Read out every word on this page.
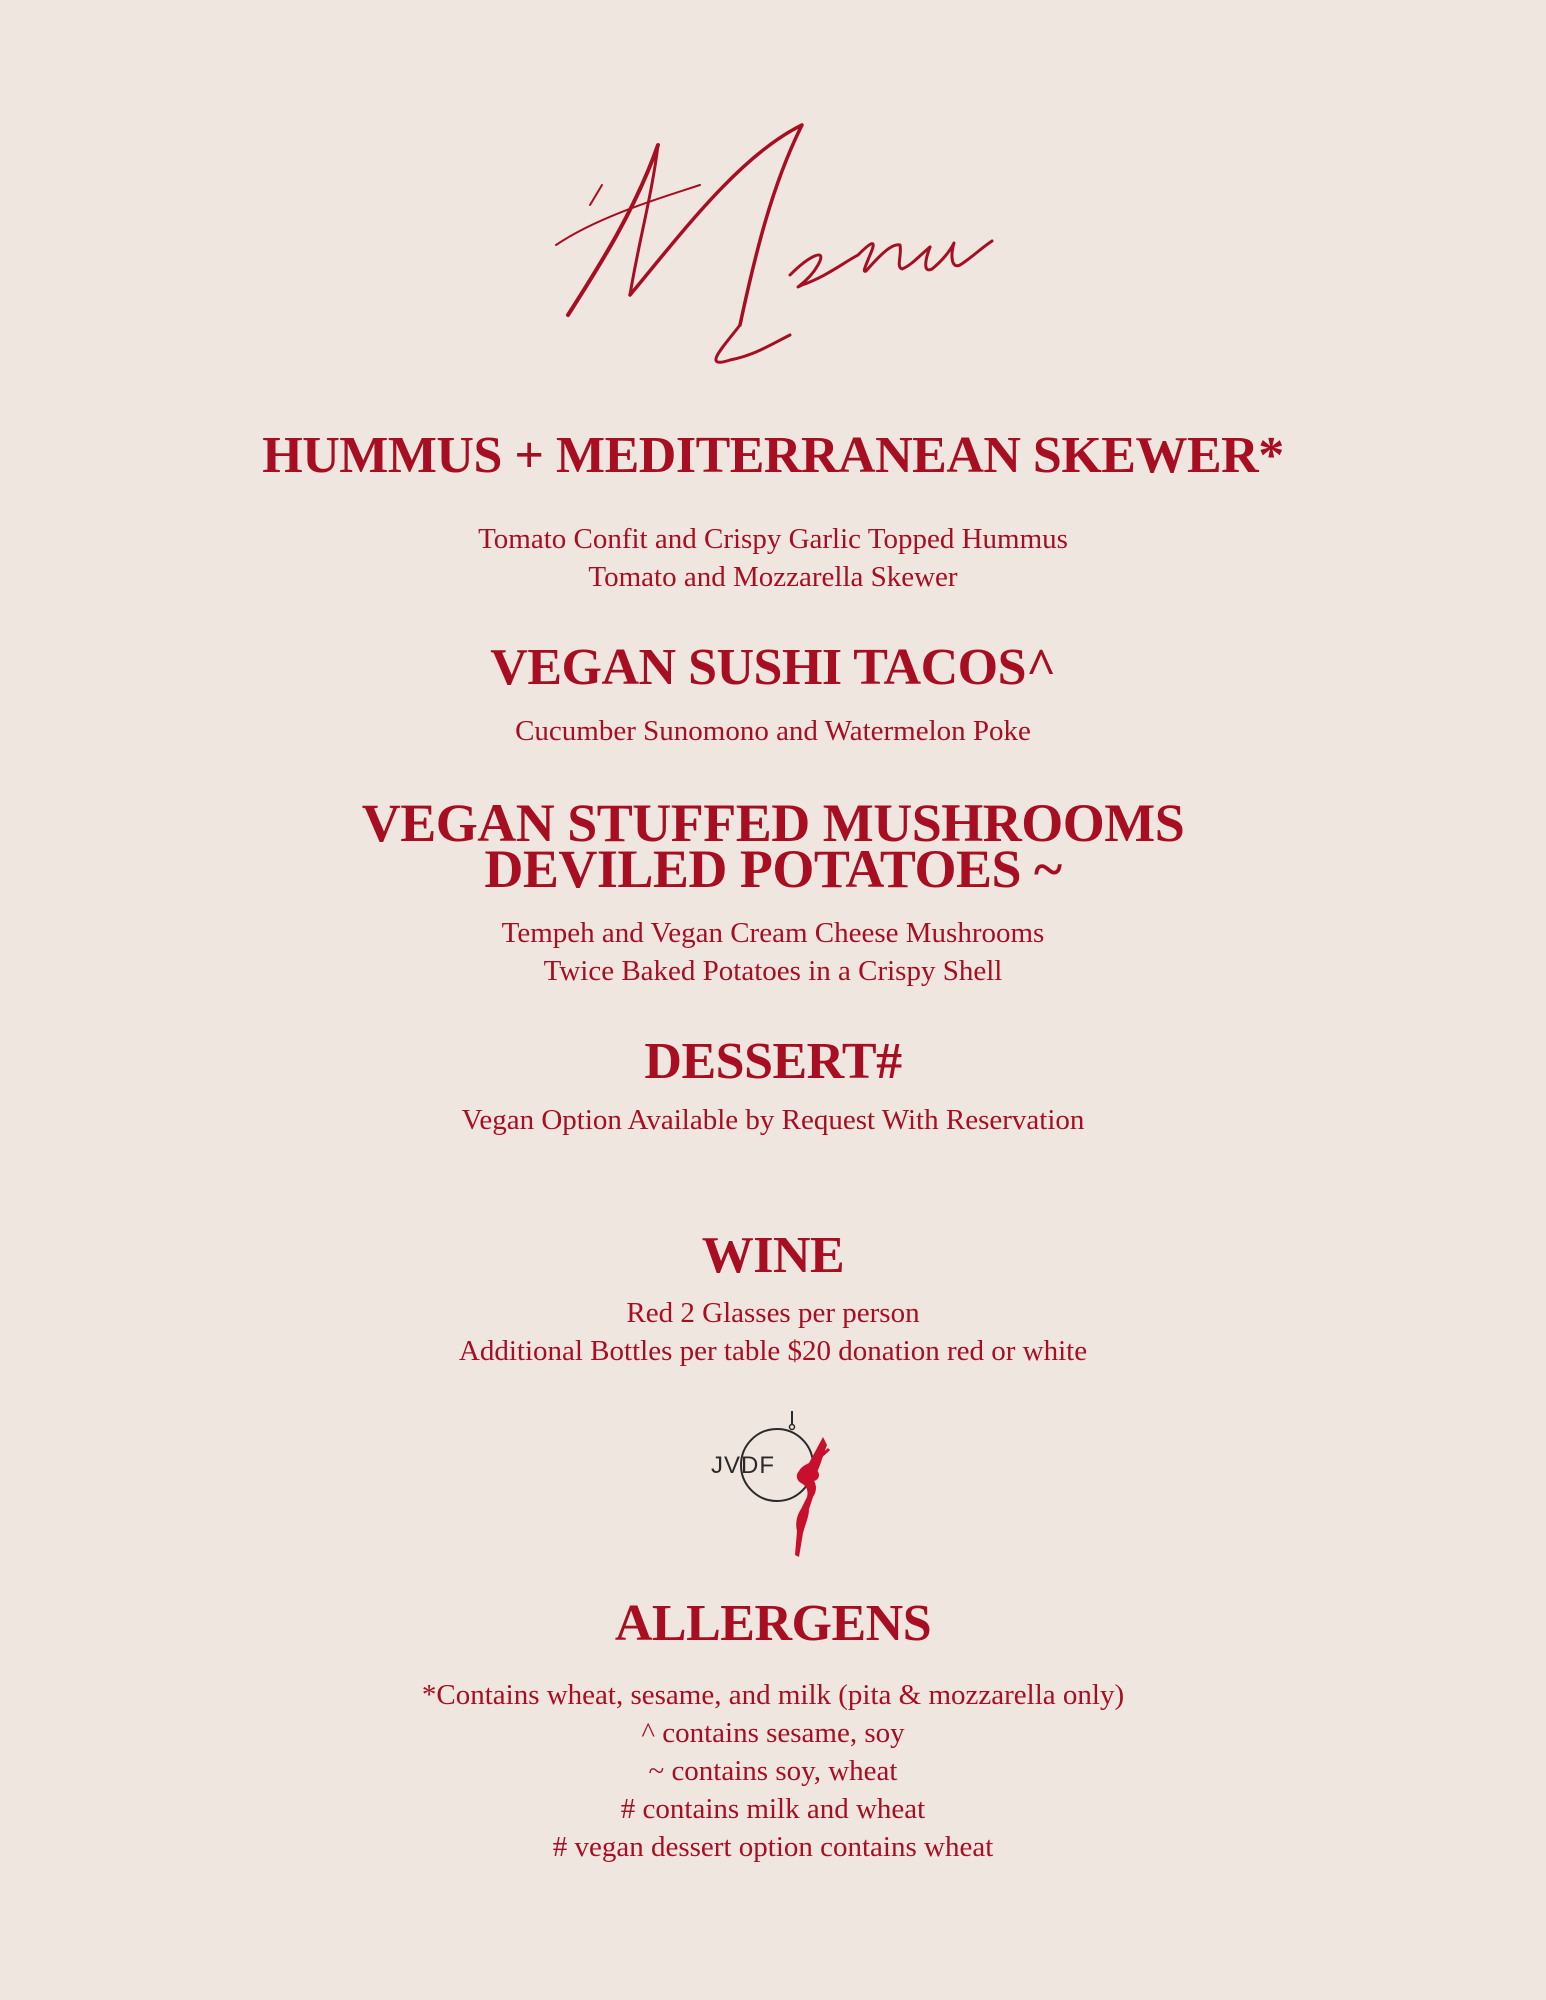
HUMMUS + MEDITERRANEAN SKEWER*

Tomato Confit and Crispy Garlic Topped Hummus

Tomato and Mozzarella Skewer

VEGAN SUSHI TACOS^

Cucumber Sunomono and Watermelon Poke

VEGAN STUFFED MUSHROOMS

DEVILED POTATOES ~

Tempeh and Vegan Cream Cheese Mushrooms

Twice Baked Potatoes in a Crispy Shell

DESSERT#

Vegan Option Available by Request With Reservation

WINE

Red 2 Glasses per person

Additional Bottles per table $20 donation red or white

JVDF

ALLERGENS

*Contains wheat, sesame, and milk (pita & mozzarella only)

^ contains sesame, soy

~ contains soy, wheat

# contains milk and wheat

# vegan dessert option contains wheat
